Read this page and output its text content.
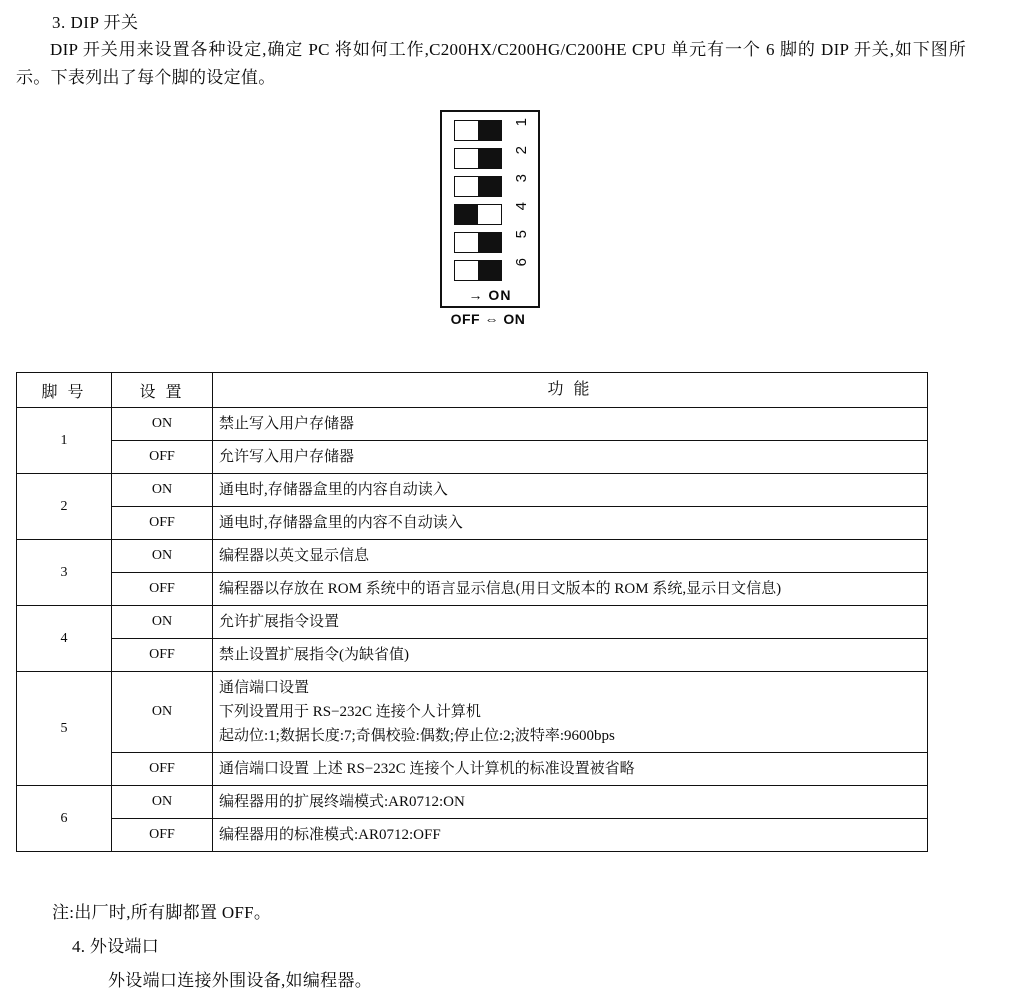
3. DIP 开关
DIP 开关用来设置各种设定,确定 PC 将如何工作,C200HX/C200HG/C200HE CPU 单元有一个 6 脚的 DIP 开关,如下图所示。下表列出了每个脚的设定值。
1
2
3
4
5
6
→ ON
OFF ⇔ ON
脚 号	设 置	功 能
1	ON	禁止写入用户存储器
	OFF	允许写入用户存储器
2	ON	通电时,存储器盒里的内容自动读入
	OFF	通电时,存储器盒里的内容不自动读入
3	ON	编程器以英文显示信息
	OFF	编程器以存放在 ROM 系统中的语言显示信息(用日文版本的 ROM 系统,显示日文信息)
4	ON	允许扩展指令设置
	OFF	禁止设置扩展指令(为缺省值)
5	ON	通信端口设置
下列设置用于 RS−232C 连接个人计算机
起动位:1;数据长度:7;奇偶校验:偶数;停止位:2;波特率:9600bps

	OFF	通信端口设置 上述 RS−232C 连接个人计算机的标准设置被省略
6	ON	编程器用的扩展终端模式:AR0712:ON
	OFF	编程器用的标准模式:AR0712:OFF
注:出厂时,所有脚都置 OFF。
4. 外设端口
外设端口连接外围设备,如编程器。
